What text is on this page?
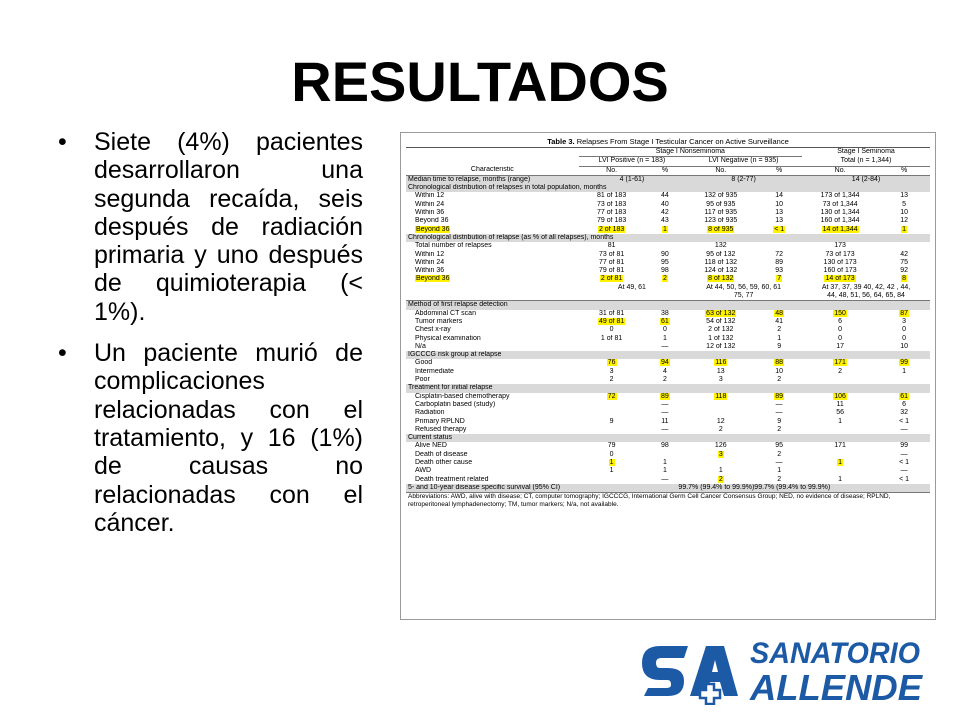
RESULTADOS
• Siete (4%) pacientes desarrollaron una segunda recaída, seis después de radiación primaria y uno después de quimioterapia (< 1%).
• Un paciente murió de complicaciones relacionadas con el tratamiento, y 16 (1%) de causas no relacionadas con el cáncer.
Table 3. Relapses From Stage I Testicular Cancer on Active Surveillance
	Stage I Nonseminoma				Stage I Seminoma	
	LVI Positive (n = 183)		LVI Negative (n = 935)		Total (n = 1,344)	
Characteristic	No.	%	No.	%	No.	%
Median time to relapse, months (range)	4 (1-61)		8 (2-77)		14 (2-84)	
Chronological distribution of relapses in total population, months						
Within 12	81 of 183	44	132 of 935	14	173 of 1,344	13
Within 24	73 of 183	40	95 of 935	10	73 of 1,344	5
Within 36	77 of 183	42	117 of 935	13	130 of 1,344	10
Beyond 36	79 of 183	43	123 of 935	13	160 of 1,344	12
Beyond 36	2 of 183	1	8 of 935	< 1	14 of 1,344	1
Chronological distribution of relapse (as % of all relapses), months						
Total number of relapses	81		132		173	
Within 12	73 of 81	90	95 of 132	72	73 of 173	42
Within 24	77 of 81	95	118 of 132	89	130 of 173	75
Within 36	79 of 81	98	124 of 132	93	160 of 173	92
Beyond 36	2 of 81	2	8 of 132	7	14 of 173	8
	At 49, 61		At 44, 50, 56, 59, 60, 61		At 37, 37, 39 40, 42, 42 , 44,	
			75, 77		44, 48, 51, 56, 64, 65, 84	
Method of first relapse detection						
Abdominal CT scan	31 of 81	38	63 of 132	48	150	87
Tumor markers	49 of 81	61	54 of 132	41	6	3
Chest x-ray	0	0	2 of 132	2	0	0
Physical examination	1 of 81	1	1 of 132	1	0	0
N/a		—	12 of 132	9	17	10
IGCCCG risk group at relapse						
Good	76	94	116	88	171	99
Intermediate	3	4	13	10	2	1
Poor	2	2	3	2		
Treatment for initial relapse						
Cisplatin-based chemotherapy	72	89	118	89	106	61
Carboplatin based (study)		—		—	11	6
Radiation		—		—	56	32
Primary RPLND	9	11	12	9	1	< 1
Refused therapy		—	2	2		—
Current status						
Alive NED	79	98	126	95	171	99
Death of disease	0		3	2		—
Death other cause	1	1		—	1	< 1
AWD	1	1	1	1		—
Death treatment related		—	2	2	1	< 1
5- and 10-year disease specific survival (95% CI)	99.7% (99.4% to 99.9%)99.7% (99.4% to 99.9%)					
Abbreviations: AWD, alive with disease; CT, computer tomography; IGCCCG, International Germ Cell Cancer Consensus Group; NED, no evidence of disease; RPLND, retroperitoneal lymphadenectomy; TM, tumor markers; N/a, not available.						
SANATORIO
ALLENDE
